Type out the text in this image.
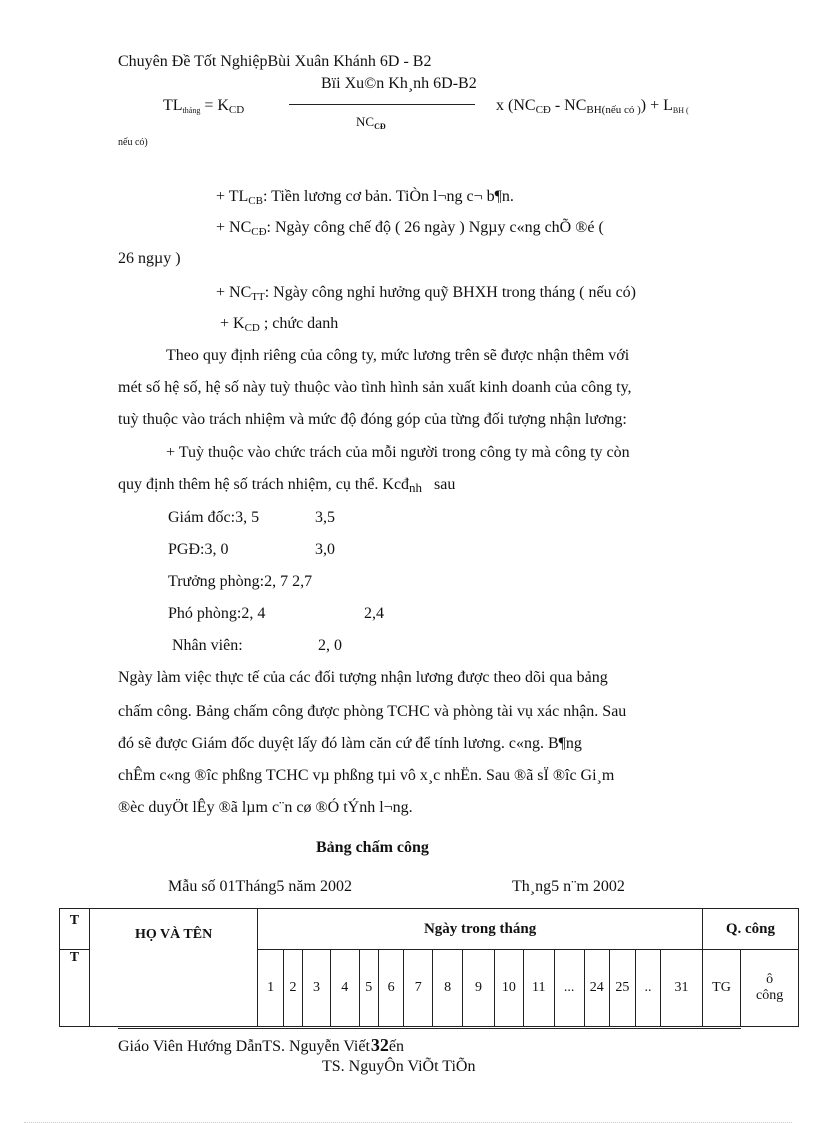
Chuyên Đề Tốt NghiệpBùi Xuân Khánh 6D - B2
Bïi Xu©n Kh¸nh 6D-B2
TLtháng = $K_{CD}$
$NC_{CĐ}$
x $(NC_{CĐ} - NC_{BH(nếu có )})$ + LBH (
nếu có)
+ $TL_{CB}$: Tiền lương cơ bản. TiÒn l¬ng c¬ b¶n.
+ $NC_{CĐ}$: Ngày công chế độ ( 26 ngày ) Ngµy c«ng chÕ ®é (
26 ngµy )
+ $NC_{TT}$: Ngày công nghỉ hưởng quỹ BHXH trong tháng ( nếu có)
+ $K_{CD}$ ; chức danh
Theo quy định riêng của công ty, mức lương trên sẽ được nhận thêm với
mét số hệ số, hệ số này tuỳ thuộc vào tình hình sản xuất kinh doanh của công ty,
tuỳ thuộc vào trách nhiệm và mức độ đóng góp của từng đối tượng nhận lương:
+ Tuỳ thuộc vào chức trách của mỗi người trong công ty mà công ty còn
quy định thêm hệ số trách nhiệm, cụ thể. Kcđ$_{nh}$ sau
Giám đốc:3, 5	3,5
PGĐ:3, 0	3,0
Trưởng phòng:2, 7 2,7
Phó phòng:2, 4	2,4
Nhân viên:	2, 0
Ngày làm việc thực tế của các đối tượng nhận lương được theo dõi qua bảng
chấm công. Bảng chấm công được phòng TCHC và phòng tài vụ xác nhận. Sau
đó sẽ được Giám đốc duyệt lấy đó làm căn cứ để tính lương. c«ng. B¶ng
chÊm c«ng ®îc phßng TCHC vµ phßng tµi vô x¸c nhËn. Sau ®ã sÏ ®îc Gi¸m
®èc duyÖt lÊy ®ã lµm c¨n cø ®Ó tÝnh l¬ng.
Bảng chấm công
Mẫu số 01Tháng5 năm 2002	Th¸ng5 n¨m 2002
T	HỌ VÀ TÊN	Ngày trong tháng																Q. công	
T		1	2	3	4	5	6	7	8	9	10	11	...	24	25	..	31	TG	ô
công
Giáo Viên Hướng DẫnTS. Nguyễn Viết 32ến
TS. NguyÔn ViÕt TiÕn
